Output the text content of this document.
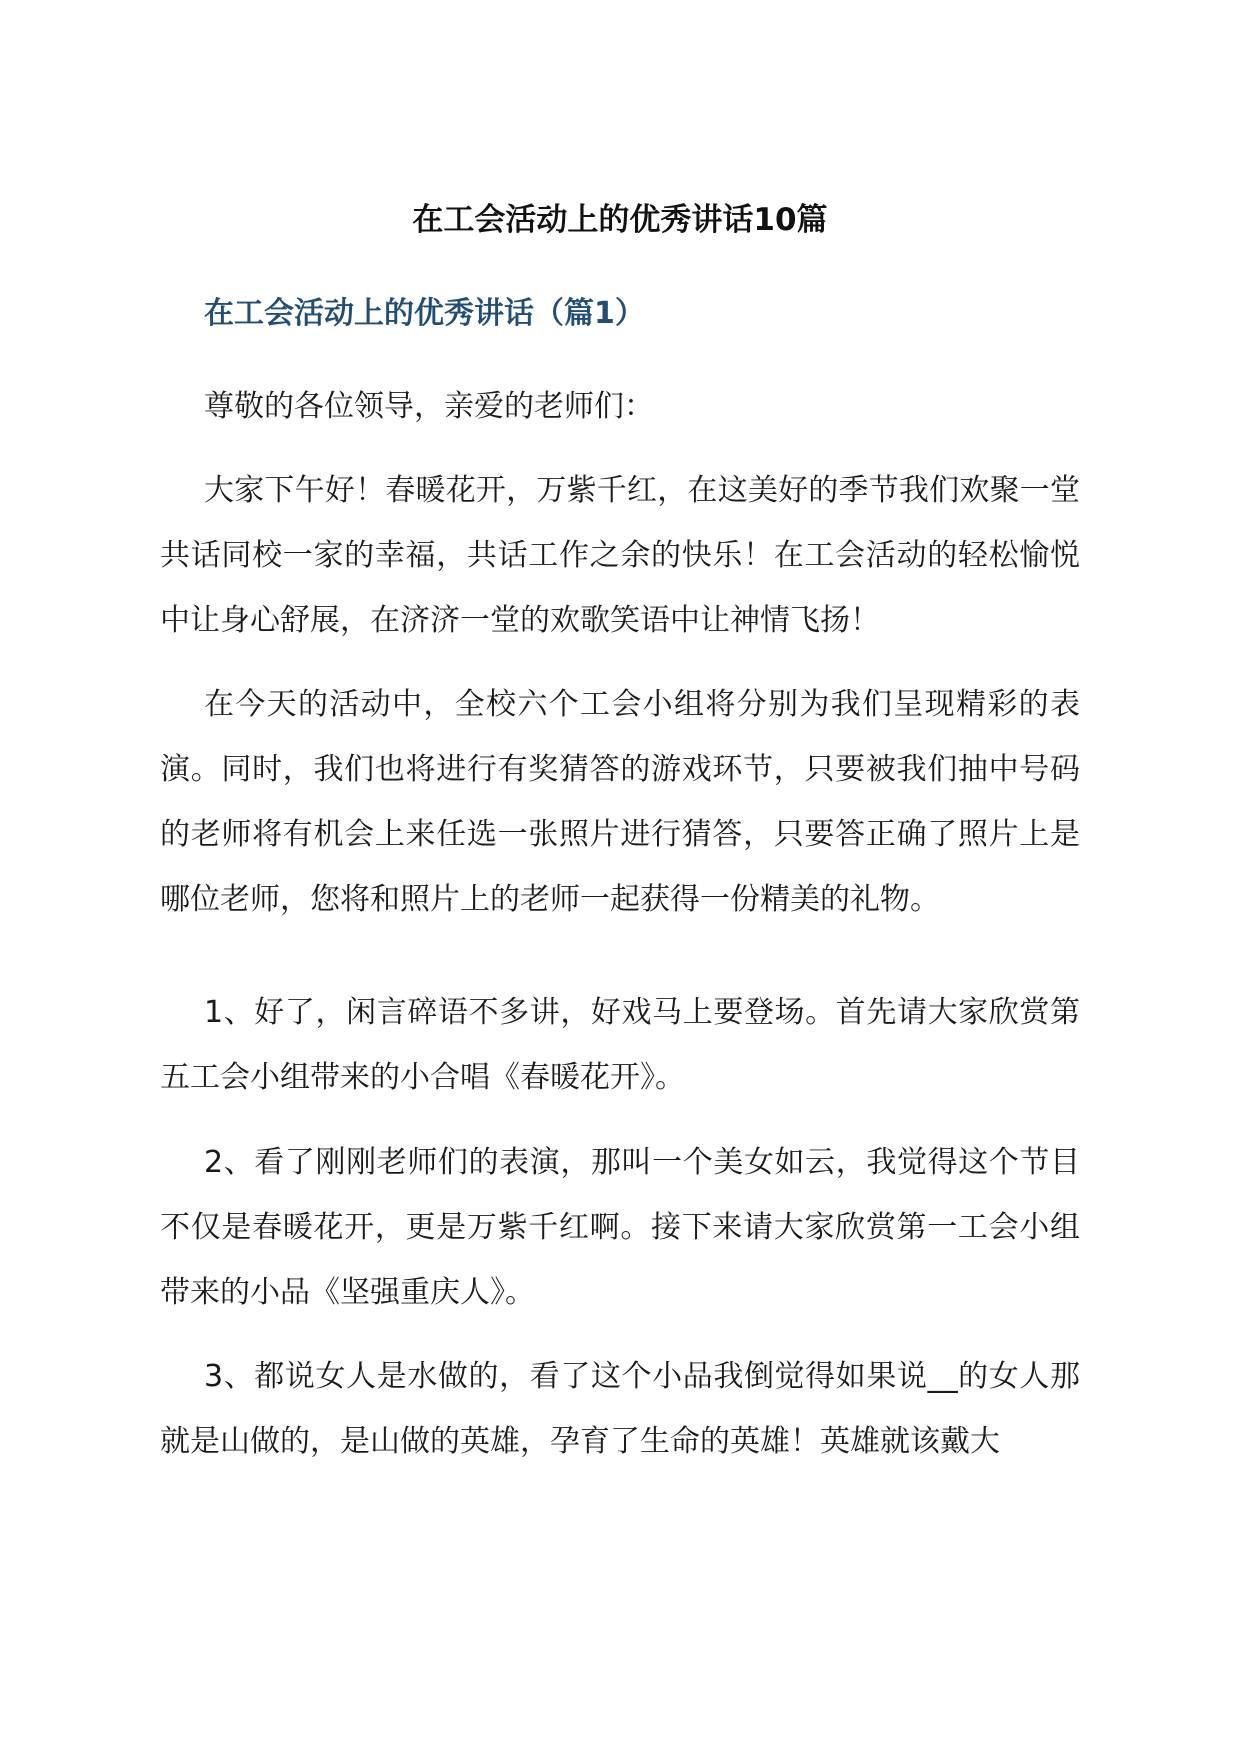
在工会活动上的优秀讲话10篇
在工会活动上的优秀讲话（篇1）

尊敬的各位领导，亲爱的老师们：

大家下午好！春暖花开，万紫千红，在这美好的季节我们欢聚一堂共话同校一家的幸福，共话工作之余的快乐！在工会活动的轻松愉悦中让身心舒展，在济济一堂的欢歌笑语中让神情飞扬！

在今天的活动中，全校六个工会小组将分别为我们呈现精彩的表演。同时，我们也将进行有奖猜答的游戏环节，只要被我们抽中号码的老师将有机会上来任选一张照片进行猜答，只要答正确了照片上是哪位老师，您将和照片上的老师一起获得一份精美的礼物。

1、好了，闲言碎语不多讲，好戏马上要登场。首先请大家欣赏第五工会小组带来的小合唱《春暖花开》。

2、看了刚刚老师们的表演，那叫一个美女如云，我觉得这个节目不仅是春暖花开，更是万紫千红啊。接下来请大家欣赏第一工会小组带来的小品《坚强重庆人》。

3、都说女人是水做的，看了这个小品我倒觉得如果说__的女人那就是山做的，是山做的英雄，孕育了生命的英雄！英雄就该戴大
